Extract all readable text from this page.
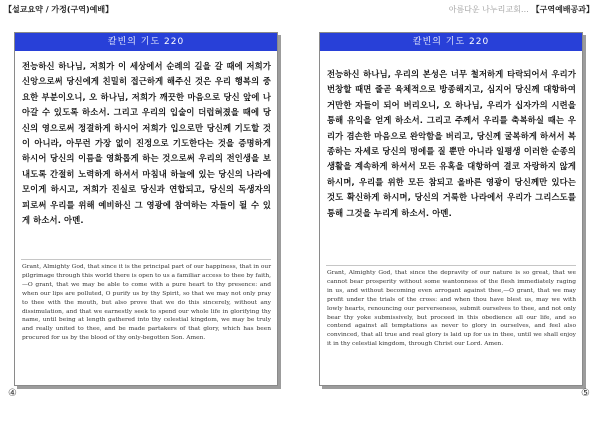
【설교요약 / 가정(구역)예배】	아름다운 나누리교회… 【구역예배공과】
칼빈의 기도 220
전능하신 하나님, 저희가 이 세상에서 순례의 길을 갈 때에 저희가 신앙으로써 당신에게 친밀히 접근하게 해주신 것은 우리 행복의 중요한 부분이오니, 오 하나님, 저희가 깨끗한 마음으로 당신 앞에 나아갈 수 있도록 하소서. 그리고 우리의 입술이 더럽혀졌을 때에 당신의 영으로써 정결하게 하시어 저희가 입으로만 당신께 기도할 것이 아니라, 아무런 가장 없이 진정으로 기도한다는 것을 증명하게 하시어 당신의 이름을 영화롭게 하는 것으로써 우리의 전인생을 보내도록 간절히 노력하게 하셔서 마침내 하늘에 있는 당신의 나라에 모이게 하시고, 저희가 진실로 당신과 연합되고, 당신의 독생자의 피로써 우리를 위해 예비하신 그 영광에 참여하는 자들이 될 수 있게 하소서. 아멘.
Grant, Almighty God, that since it is the principal part of our happiness, that in our pilgrimage through this world there is open to us a familiar access to thee by faith,—O grant, that we may be able to come with a pure heart to thy presence: and when our lips are polluted, O purify us by thy Spirit, so that we may not only pray to thee with the mouth, but also prove that we do this sincerely, without any dissimulation, and that we earnestly seek to spend our whole life in glorifying thy name, until being at length gathered into thy celestial kingdom, we may be truly and really united to thee, and be made partakers of that glory, which has been procured for us by the blood of thy only-begotten Son. Amen.
칼빈의 기도 220
전능하신 하나님, 우리의 본성은 너무 철저하게 타락되어서 우리가 번창할 때면 줄곧 육체적으로 방종해지고, 심지어 당신께 대항하여 거만한 자들이 되어 버리오니, 오 하나님, 우리가 십자가의 시련을 통해 유익을 얻게 하소서. 그리고 주께서 우리를 축복하실 때는 우리가 겸손한 마음으로 완악함을 버리고, 당신께 굴복하게 하셔서 복종하는 자세로 당신의 멍에를 질 뿐만 아니라 일평생 이러한 순종의 생활을 계속하게 하셔서 모든 유혹을 대항하여 결코 자랑하지 않게 하시며, 우리를 위한 모든 참되고 올바른 영광이 당신께만 있다는 것도 확신하게 하시며, 당신의 거룩한 나라에서 우리가 그리스도를 통해 그것을 누리게 하소서. 아멘.
Grant, Almighty God, that since the depravity of our nature is so great, that we cannot bear prosperity without some wantonness of the flesh immediately raging in us, and without becoming even arrogant against thee,—O grant, that we may profit under the trials of the cross: and when thou have blest us, may we with lowly hearts, renouncing our perverseness, submit ourselves to thee, and not only bear thy yoke submissively, but proceed in this obedience all our life, and so contend against all temptations as never to glory in ourselves, and feel also convinced, that all true and real glory is laid up for us in thee, until we shall enjoy it in thy celestial kingdom, through Christ our Lord. Amen.
④	⑤
